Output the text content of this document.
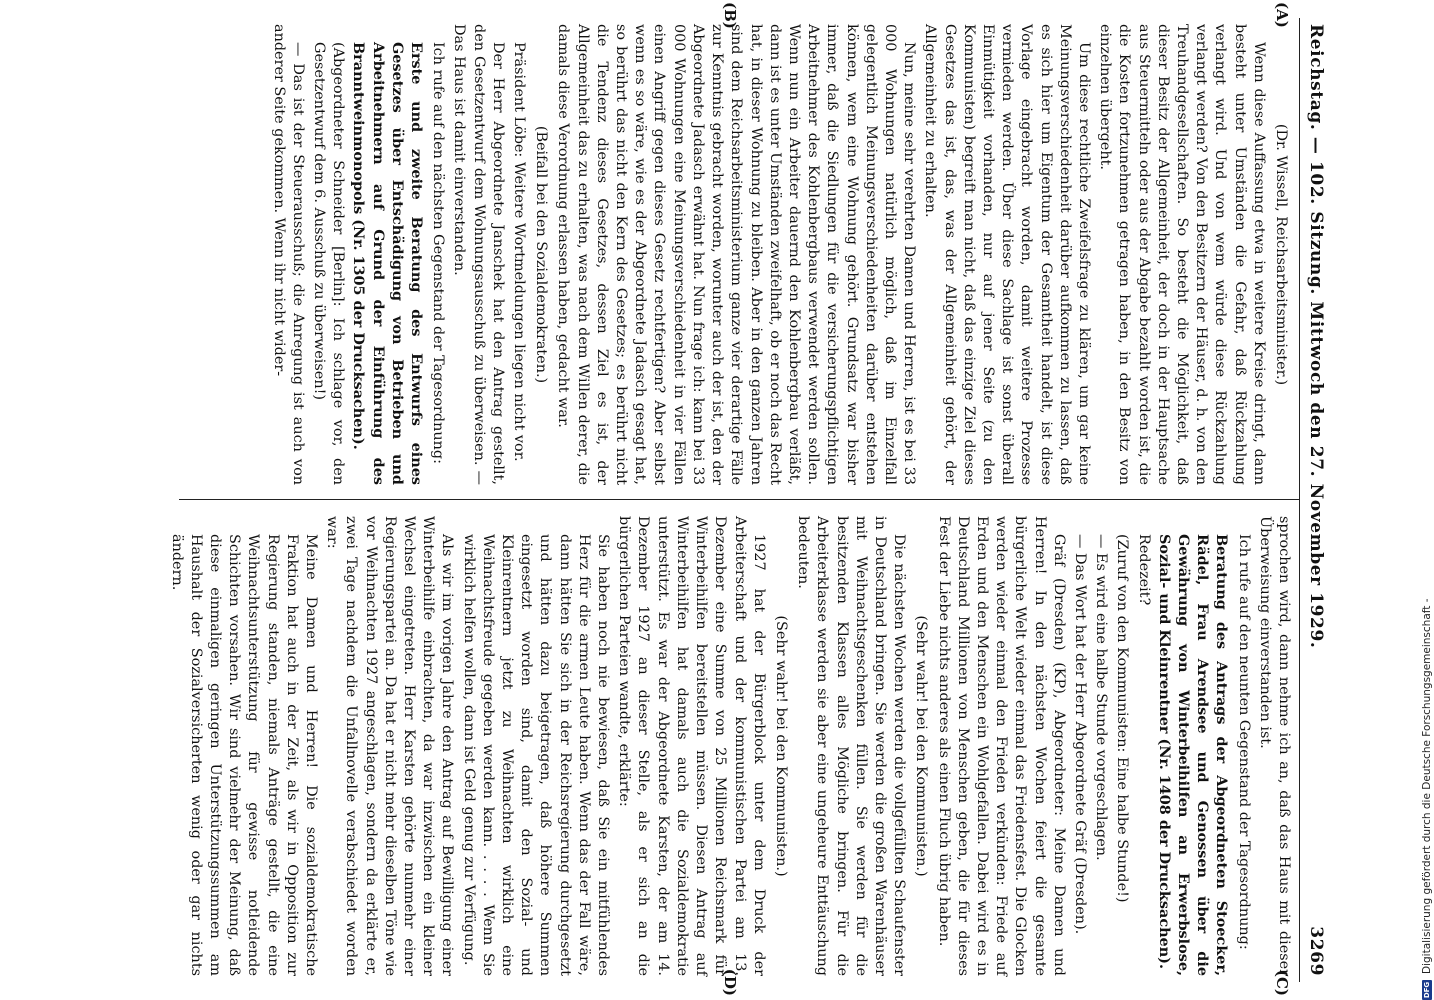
Reichstag. — 102. Sitzung. Mittwoch den 27. November 1929.
3269
(A)
(B)
(C)
(D)

(Dr. Wissell, Reichsarbeitsminister.)

Wenn diese Auffassung etwa in weitere Kreise dringt, dann besteht unter Umständen die Gefahr, daß Rückzahlung verlangt wird. Und von wem würde diese Rückzahlung verlangt werden? Von den Besitzern der Häuser, d. h. von den Treuhandgesellschaften. So besteht die Möglichkeit, daß dieser Besitz der Allgemeinheit, der doch in der Hauptsache aus Steuermitteln oder aus der Abgabe bezahlt worden ist, die die Kosten fortzunehmen getragen haben, in den Besitz von einzelnen übergeht.

Um diese rechtliche Zweifelsfrage zu klären, um gar keine Meinungsverschiedenheit darüber aufkommen zu lassen, daß es sich hier um Eigentum der Gesamtheit handelt, ist diese Vorlage eingebracht worden, damit weitere Prozesse vermieden werden. Über diese Sachlage ist sonst überall Einmütigkeit vorhanden, nur auf jener Seite (zu den Kommunisten) begreift man nicht, daß das einzige Ziel dieses Gesetzes das ist, das, was der Allgemeinheit gehört, der Allgemeinheit zu erhalten.

Nun, meine sehr verehrten Damen und Herren, ist es bei 33 000 Wohnungen natürlich möglich, daß im Einzelfall gelegentlich Meinungsverschiedenheiten darüber entstehen können, wem eine Wohnung gehört. Grundsatz war bisher immer, daß die Siedlungen für die versicherungspflichtigen Arbeitnehmer des Kohlenbergbaus verwendet werden sollen. Wenn nun ein Arbeiter dauernd den Kohlenbergbau verläßt, dann ist es unter Umständen zweifelhaft, ob er noch das Recht hat, in dieser Wohnung zu bleiben. Aber in den ganzen Jahren sind dem Reichsarbeitsministerium ganze vier derartige Fälle zur Kenntnis gebracht worden, worunter auch der ist, den der Abgeordnete Jadasch erwähnt hat. Nun frage ich: kann bei 33 000 Wohnungen eine Meinungsverschiedenheit in vier Fällen einen Angriff gegen dieses Gesetz rechtfertigen? Aber selbst wenn es so wäre, wie es der Abgeordnete Jadasch gesagt hat, so berührt das nicht den Kern des Gesetzes; es berührt nicht die Tendenz dieses Gesetzes, dessen Ziel es ist, der Allgemeinheit das zu erhalten, was nach dem Willen derer, die damals diese Verordnung erlassen haben, gedacht war.

(Beifall bei den Sozialdemokraten.)

Präsident Löbe: Weitere Wortmeldungen liegen nicht vor.

Der Herr Abgeordnete Janschek hat den Antrag gestellt, den Gesetzentwurf dem Wohnungsausschuß zu überweisen. — Das Haus ist damit einverstanden.

Ich rufe auf den nächsten Gegenstand der Tagesordnung:

Erste und zweite Beratung des Entwurfs eines Gesetzes über Entschädigung von Betrieben und Arbeitnehmern auf Grund der Einführung des Branntweinmonopols (Nr. 1305 der Drucksachen).

(Abgeordneter Schneider [Berlin]: Ich schlage vor, den Gesetzentwurf dem 6. Ausschuß zu überweisen!)

— Das ist der Steuerausschuß; die Anregung ist auch von anderer Seite gekommen. Wenn ihr nicht wider-

sprochen wird, dann nehme ich an, daß das Haus mit dieser Überweisung einverstanden ist.

Ich rufe auf den neunten Gegenstand der Tagesordnung:

Beratung des Antrags der Abgeordneten Stoecker, Rädel, Frau Arendsee und Genossen über die Gewährung von Winterbeihilfen an Erwerbslose, Sozial- und Kleinrentner (Nr. 1408 der Drucksachen).

Redezeit?

(Zuruf von den Kommunisten: Eine halbe Stunde!)

— Es wird eine halbe Stunde vorgeschlagen.

— Das Wort hat der Herr Abgeordnete Gräf (Dresden).

Gräf (Dresden) (KP), Abgeordneter: Meine Damen und Herren! In den nächsten Wochen feiert die gesamte bürgerliche Welt wieder einmal das Friedensfest. Die Glocken werden wieder einmal den Frieden verkünden: Friede auf Erden und den Menschen ein Wohlgefallen. Dabei wird es in Deutschland Millionen von Menschen geben, die für dieses Fest der Liebe nichts anderes als einen Fluch übrig haben.

(Sehr wahr! bei den Kommunisten.)

Die nächsten Wochen werden die vollgefüllten Schaufenster in Deutschland bringen. Sie werden die großen Warenhäuser mit Weihnachtsgeschenken füllen. Sie werden für die besitzenden Klassen alles Mögliche bringen. Für die Arbeiterklasse werden sie aber eine ungeheure Enttäuschung bedeuten.

(Sehr wahr! bei den Kommunisten.)

1927 hat der Bürgerblock unter dem Druck der Arbeiterschaft und der kommunistischen Partei am 13. Dezember eine Summe von 25 Millionen Reichsmark für Winterbeihilfen bereitstellen müssen. Diesen Antrag auf Winterbeihilfen hat damals auch die Sozialdemokratie unterstützt. Es war der Abgeordnete Karsten, der am 14. Dezember 1927 an dieser Stelle, als er sich an die bürgerlichen Parteien wandte, erklärte:

Sie haben noch nie bewiesen, daß Sie ein mitfühlendes Herz für die armen Leute haben. Wenn das der Fall wäre, dann hätten Sie sich in der Reichsregierung durchgesetzt und hätten dazu beigetragen, daß höhere Summen eingesetzt worden sind, damit den Sozial- und Kleinrentnern jetzt zu Weihnachten wirklich eine Weihnachtsfreude gegeben werden kann. . . . . Wenn Sie wirklich helfen wollen, dann ist Geld genug zur Verfügung.

Als wir im vorigen Jahre den Antrag auf Bewilligung einer Winterbeihilfe einbrachten, da war inzwischen ein kleiner Wechsel eingetreten. Herr Karsten gehörte nunmehr einer Regierungspartei an. Da hat er nicht mehr dieselben Töne wie vor Weihnachten 1927 angeschlagen, sondern da erklärte er, zwei Tage nachdem die Unfallnovelle verabschiedet worden war:

Meine Damen und Herren! Die sozialdemokratische Fraktion hat auch in der Zeit, als wir in Opposition zur Regierung standen, niemals Anträge gestellt, die eine Weihnachtsunterstützung für gewisse notleidende Schichten vorsahen. Wir sind vielmehr der Meinung, daß diese einmaligen geringen Unterstützungssummen am Haushalt der Sozialversicherten wenig oder gar nichts ändern.

DFG
Digitalisierung gefördert durch die Deutsche Forschungsgemeinschaft -
